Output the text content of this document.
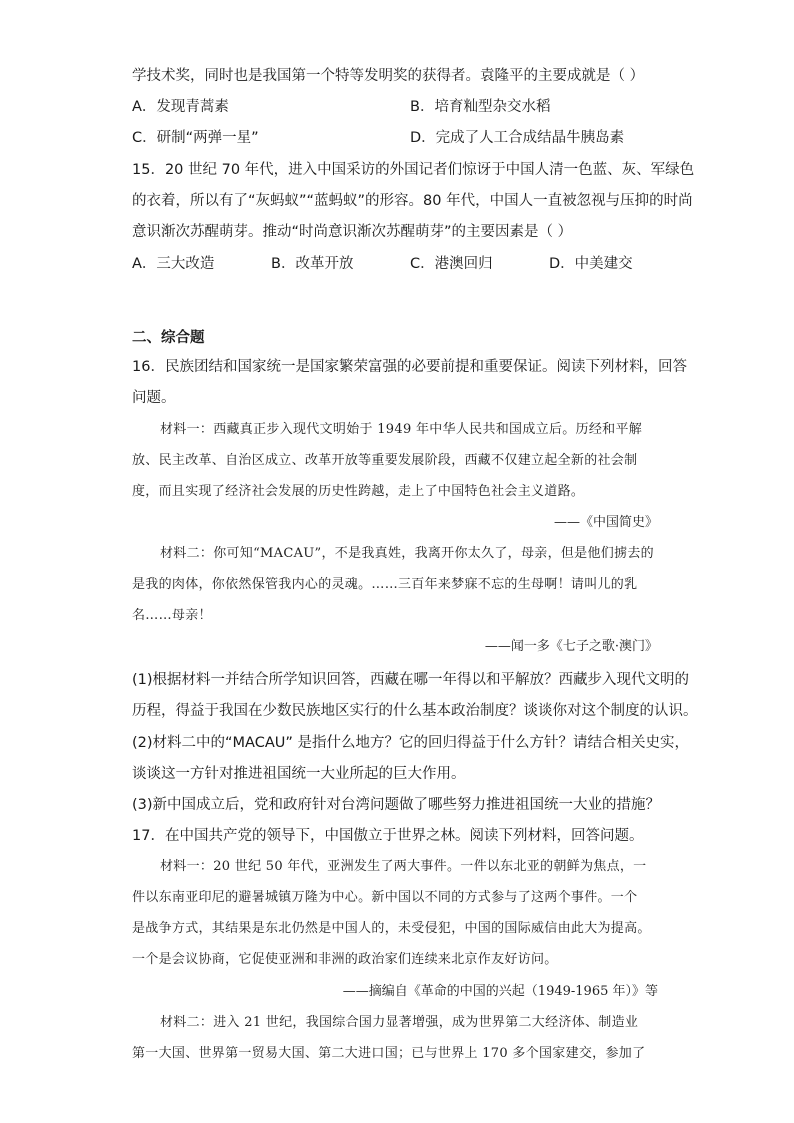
学技术奖，同时也是我国第一个特等发明奖的获得者。袁隆平的主要成就是（ ）
A．发现青蒿素	B．培育籼型杂交水稻
C．研制“两弹一星”	D．完成了人工合成结晶牛胰岛素
15．20 世纪 70 年代，进入中国采访的外国记者们惊讶于中国人清一色蓝、灰、军绿色
的衣着，所以有了“灰蚂蚁”“蓝蚂蚁”的形容。80 年代，中国人一直被忽视与压抑的时尚
意识渐次苏醒萌芽。推动“时尚意识渐次苏醒萌芽”的主要因素是（ ）
A．三大改造	B．改革开放	C．港澳回归	D．中美建交
二、综合题
16．民族团结和国家统一是国家繁荣富强的必要前提和重要保证。阅读下列材料，回答
问题。
材料一：西藏真正步入现代文明始于 1949 年中华人民共和国成立后。历经和平解
放、民主改革、自治区成立、改革开放等重要发展阶段，西藏不仅建立起全新的社会制
度，而且实现了经济社会发展的历史性跨越，走上了中国特色社会主义道路。
——《中国简史》
材料二：你可知“MACAU”，不是我真姓，我离开你太久了，母亲，但是他们掳去的
是我的肉体，你依然保管我内心的灵魂。……三百年来梦寐不忘的生母啊！请叫儿的乳
名……母亲！
——闻一多《七子之歌·澳门》
(1)根据材料一并结合所学知识回答，西藏在哪一年得以和平解放？西藏步入现代文明的
历程，得益于我国在少数民族地区实行的什么基本政治制度？谈谈你对这个制度的认识。
(2)材料二中的“MACAU” 是指什么地方？它的回归得益于什么方针？请结合相关史实，
谈谈这一方针对推进祖国统一大业所起的巨大作用。
(3)新中国成立后，党和政府针对台湾问题做了哪些努力推进祖国统一大业的措施？
17．在中国共产党的领导下，中国傲立于世界之林。阅读下列材料，回答问题。
材料一：20 世纪 50 年代，亚洲发生了两大事件。一件以东北亚的朝鲜为焦点，一
件以东南亚印尼的避暑城镇万隆为中心。新中国以不同的方式参与了这两个事件。一个
是战争方式，其结果是东北仍然是中国人的，未受侵犯，中国的国际威信由此大为提高。
一个是会议协商，它促使亚洲和非洲的政治家们连续来北京作友好访问。
——摘编自《革命的中国的兴起（1949-1965 年）》等
材料二：进入 21 世纪，我国综合国力显著增强，成为世界第二大经济体、制造业
第一大国、世界第一贸易大国、第二大进口国；已与世界上 170 多个国家建交，参加了
